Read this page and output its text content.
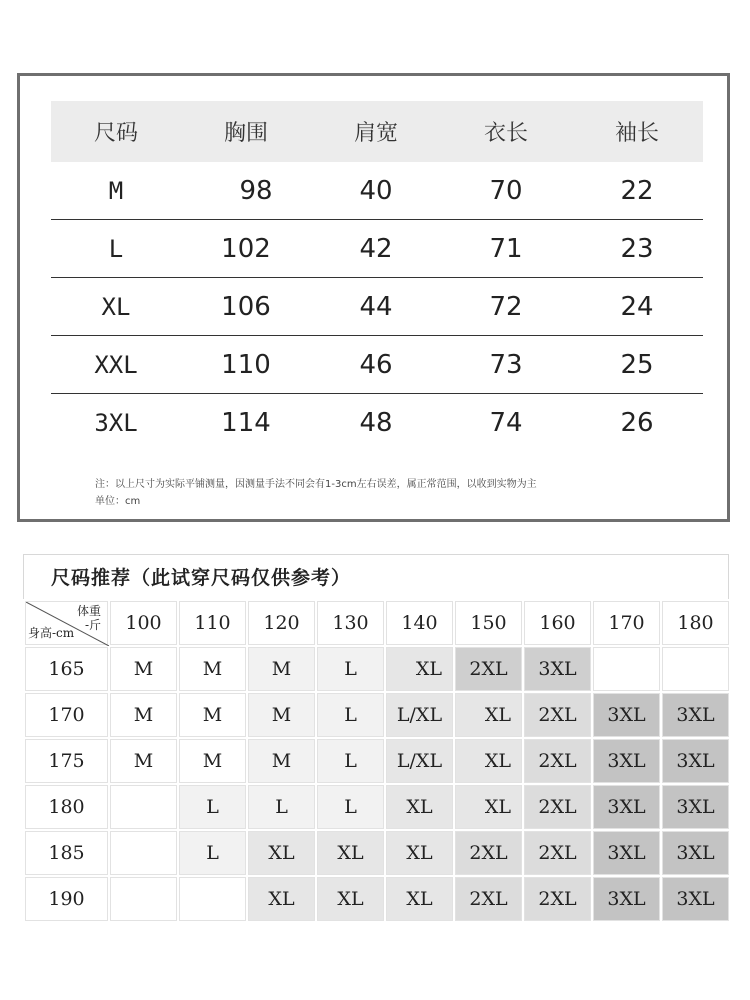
尺码	胸围	肩宽	衣长	袖长
M	98	40	70	22
L	102	42	71	23
XL	106	44	72	24
XXL	110	46	73	25
3XL	114	48	74	26
注：以上尺寸为实际平铺测量，因测量手法不同会有1-3cm左右误差，属正常范围，以收到实物为主
单位：cm
尺码推荐（此试穿尺码仅供参考）
体重
-斤
身高-cm	100	110	120	130	140	150	160	170	180
165	M	M	M	L	XL	2XL	3XL		
170	M	M	M	L	L/XL	XL	2XL	3XL	3XL
175	M	M	M	L	L/XL	XL	2XL	3XL	3XL
180		L	L	L	XL	XL	2XL	3XL	3XL
185		L	XL	XL	XL	2XL	2XL	3XL	3XL
190			XL	XL	XL	2XL	2XL	3XL	3XL
